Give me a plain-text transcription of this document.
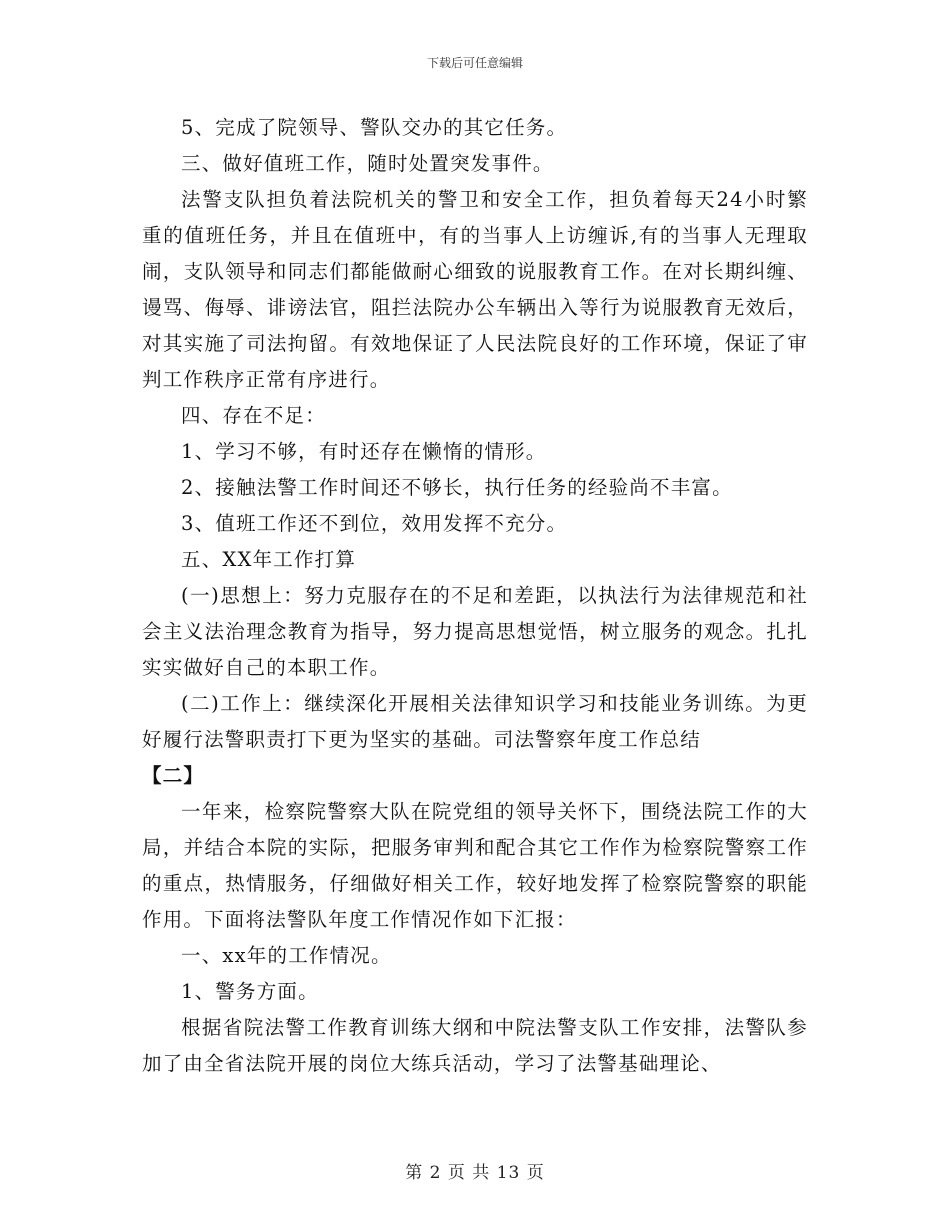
下载后可任意编辑

5、完成了院领导、警队交办的其它任务。

三、做好值班工作，随时处置突发事件。

法警支队担负着法院机关的警卫和安全工作，担负着每天24小时繁重的值班任务，并且在值班中，有的当事人上访缠诉,有的当事人无理取闹，支队领导和同志们都能做耐心细致的说服教育工作。在对长期纠缠、谩骂、侮辱、诽谤法官，阻拦法院办公车辆出入等行为说服教育无效后，对其实施了司法拘留。有效地保证了人民法院良好的工作环境，保证了审判工作秩序正常有序进行。

四、存在不足：

1、学习不够，有时还存在懒惰的情形。

2、接触法警工作时间还不够长，执行任务的经验尚不丰富。

3、值班工作还不到位，效用发挥不充分。

五、XX年工作打算

(一)思想上：努力克服存在的不足和差距，以执法行为法律规范和社会主义法治理念教育为指导，努力提高思想觉悟，树立服务的观念。扎扎实实做好自己的本职工作。

(二)工作上：继续深化开展相关法律知识学习和技能业务训练。为更好履行法警职责打下更为坚实的基础。司法警察年度工作总结

【二】

一年来，检察院警察大队在院党组的领导关怀下，围绕法院工作的大局，并结合本院的实际，把服务审判和配合其它工作作为检察院警察工作的重点，热情服务，仔细做好相关工作，较好地发挥了检察院警察的职能作用。下面将法警队年度工作情况作如下汇报：

一、xx年的工作情况。

1、警务方面。

根据省院法警工作教育训练大纲和中院法警支队工作安排，法警队参加了由全省法院开展的岗位大练兵活动，学习了法警基础理论、

第 2 页 共 13 页
